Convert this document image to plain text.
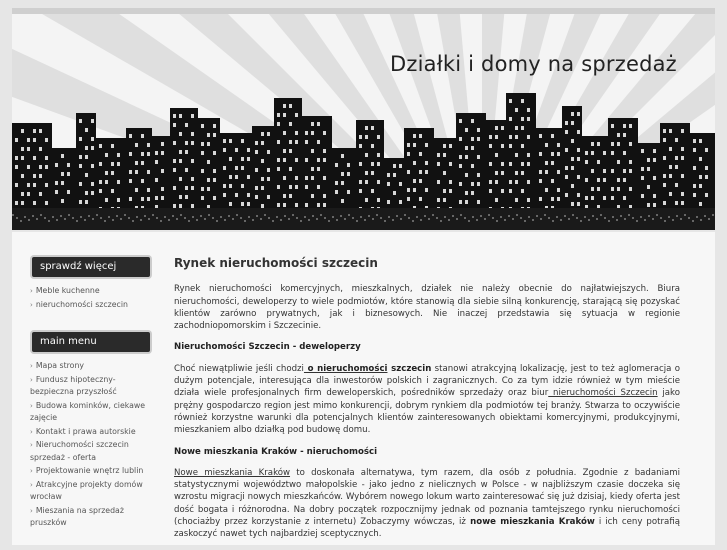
Działki i domy na sprzedaż
sprawdź więcej
› Meble kuchenne
› nieruchomości szczecin
main menu
› Mapa strony
› Fundusz hipoteczny- bezpieczna przyszłość
› Budowa kominków, ciekawe zajęcie
› Kontakt i prawa autorskie
› Nieruchomości szczecin sprzedaż - oferta
› Projektowanie wnętrz lublin
› Atrakcyjne projekty domów wrocław
› Mieszania na sprzedaż pruszków
Rynek nieruchomości szczecin

Rynek nieruchomości komercyjnych, mieszkalnych, działek nie należy obecnie do najłatwiejszych. Biura nieruchomości, deweloperzy to wiele podmiotów, które stanowią dla siebie silną konkurencję, starającą się pozyskać klientów zarówno prywatnych, jak i biznesowych. Nie inaczej przedstawia się sytuacja w regionie zachodniopomorskim i Szczecinie.

Nieruchomości Szczecin - deweloperzy

Choć niewątpliwie jeśli chodzi o nieruchomości szczecin stanowi atrakcyjną lokalizację, jest to też aglomeracja o dużym potencjale, interesująca dla inwestorów polskich i zagranicznych. Co za tym idzie również w tym mieście działa wiele profesjonalnych firm deweloperskich, pośredników sprzedaży oraz biur nieruchomości Szczecin jako prężny gospodarczo region jest mimo konkurencji, dobrym rynkiem dla podmiotów tej branży. Stwarza to oczywiście również korzystne warunki dla potencjalnych klientów zainteresowanych obiektami komercyjnymi, produkcyjnymi, mieszkaniem albo działką pod budowę domu.

Nowe mieszkania Kraków - nieruchomości

Nowe mieszkania Kraków to doskonała alternatywa, tym razem, dla osób z południa. Zgodnie z badaniami statystycznymi województwo małopolskie - jako jedno z nielicznych w Polsce - w najbliższym czasie doczeka się wzrostu migracji nowych mieszkańców. Wybórem nowego lokum warto zainteresować się już dzisiaj, kiedy oferta jest dość bogata i różnorodna. Na dobry początek rozpocznijmy jednak od poznania tamtejszego rynku nieruchomości (chociażby przez korzystanie z internetu) Zobaczymy wówczas, iż nowe mieszkania Kraków i ich ceny potrafią zaskoczyć nawet tych najbardziej sceptycznych.
